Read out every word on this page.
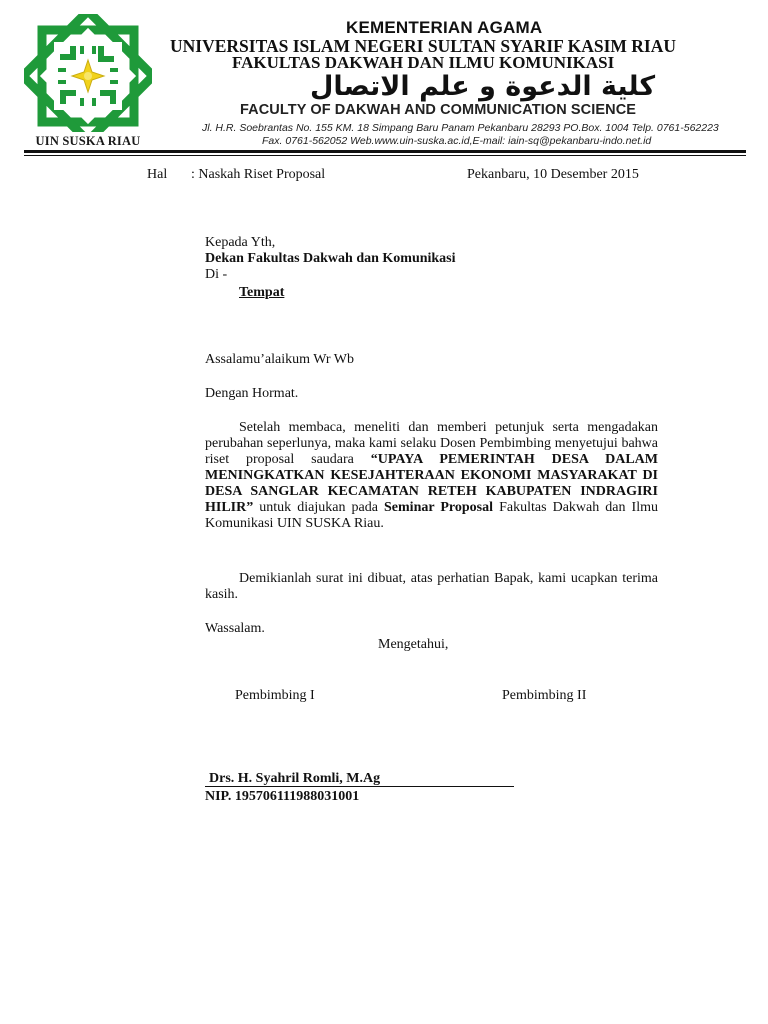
UIN SUSKA RIAU
KEMENTERIAN AGAMA
UNIVERSITAS ISLAM NEGERI SULTAN SYARIF KASIM RIAU
FAKULTAS DAKWAH DAN ILMU KOMUNIKASI
كلية الدعوة و علم الاتصال
FACULTY OF DAKWAH AND COMMUNICATION SCIENCE
Jl. H.R. Soebrantas No. 155 KM. 18 Simpang Baru Panam Pekanbaru 28293 PO.Box. 1004 Telp. 0761-562223
Fax. 0761-562052 Web.www.uin-suska.ac.id,E-mail: iain-sq@pekanbaru-indo.net.id
Hal : Naskah Riset Proposal	Pekanbaru, 10 Desember 2015
Kepada Yth,
Dekan Fakultas Dakwah dan Komunikasi
Di -
Tempat
Assalamu’alaikum Wr Wb
Dengan Hormat.
Setelah membaca, meneliti dan memberi petunjuk serta mengadakan perubahan seperlunya, maka kami selaku Dosen Pembimbing menyetujui bahwa riset proposal saudara “UPAYA PEMERINTAH DESA DALAM MENINGKATKAN KESEJAHTERAAN EKONOMI MASYARAKAT DI DESA SANGLAR KECAMATAN RETEH KABUPATEN INDRAGIRI HILIR” untuk diajukan pada Seminar Proposal Fakultas Dakwah dan Ilmu Komunikasi UIN SUSKA Riau.
Demikianlah surat ini dibuat, atas perhatian Bapak, kami ucapkan terima kasih.
Wassalam.
Mengetahui,
Pembimbing I	Pembimbing II
Drs. H. Syahril Romli, M.Ag
NIP. 195706111988031001
